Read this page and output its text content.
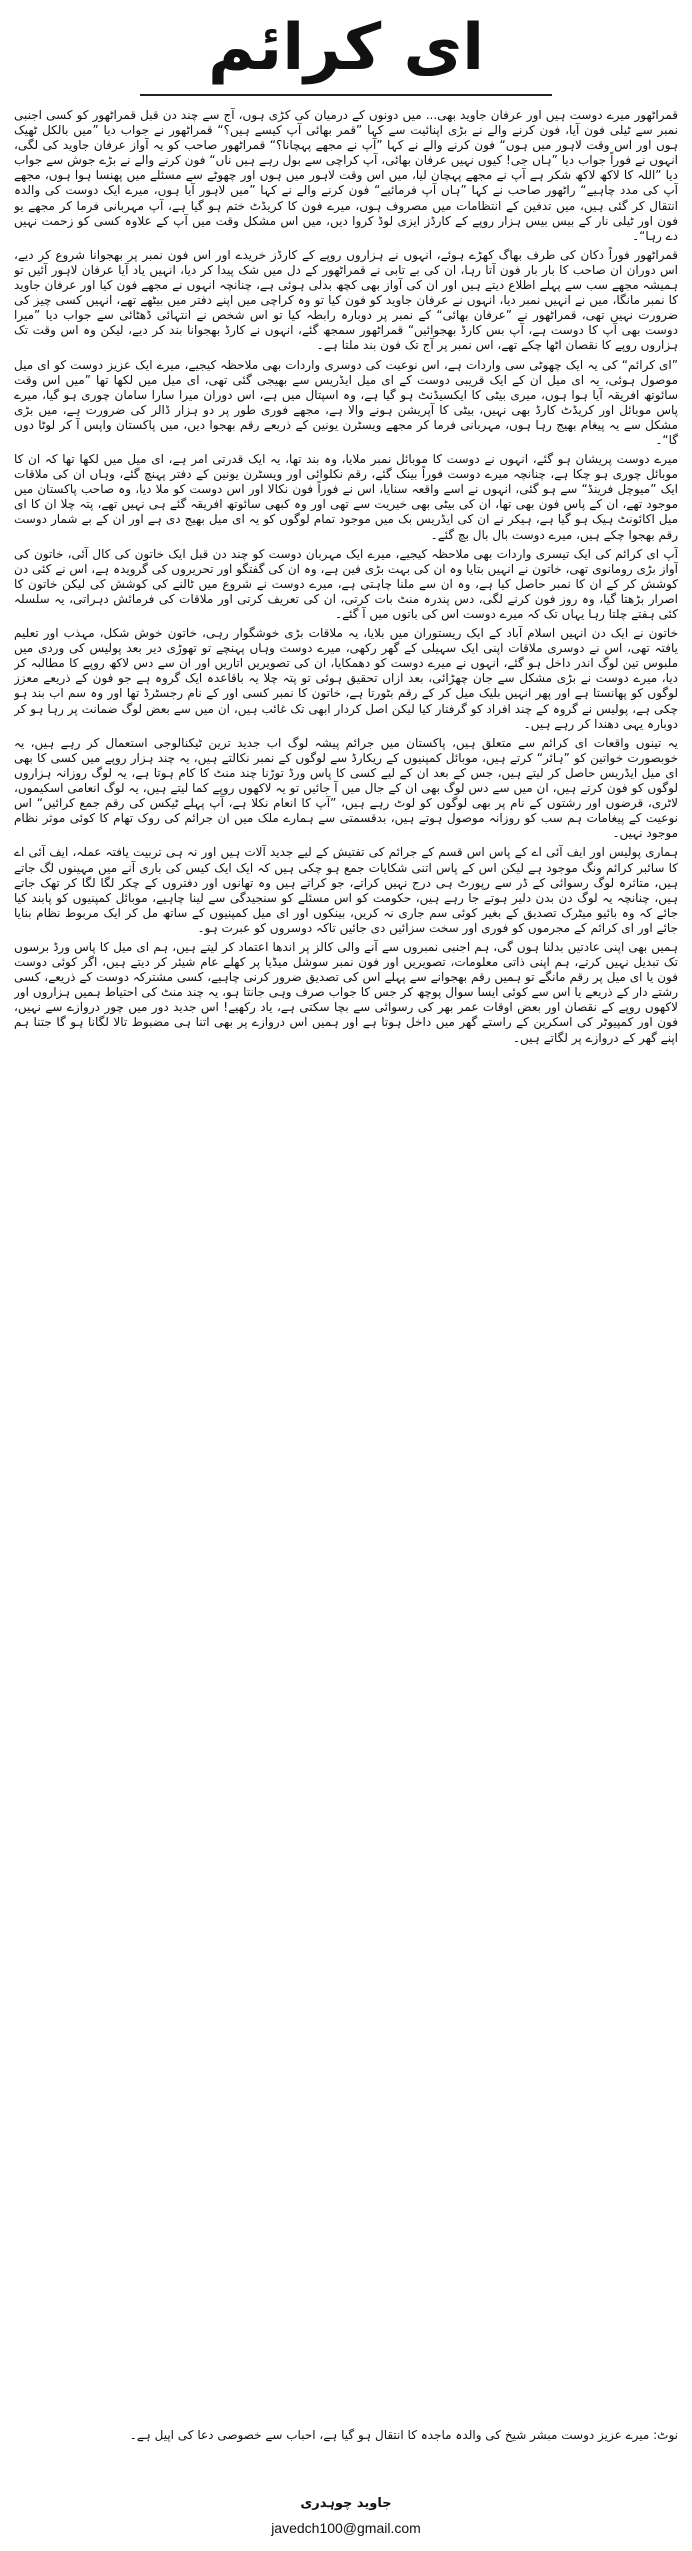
ای کرائم

قمراٹھور میرے دوست ہیں اور عرفان جاوید بھی... میں دونوں کے درمیان کی کڑی ہوں، آج سے چند دن قبل قمراٹھور کو کسی اجنبی نمبر سے ٹیلی فون آیا، فون کرنے والے نے بڑی اپنائیت سے کہا ”قمر بھائی آپ کیسے ہیں؟“ قمراٹھور نے جواب دیا ”میں بالکل ٹھیک ہوں اور اس وقت لاہور میں ہوں“ فون کرنے والے نے کہا ”آپ نے مجھے پہچانا؟“ قمراٹھور صاحب کو یہ آواز عرفان جاوید کی لگی، انہوں نے فوراً جواب دیا ”ہاں جی! کیوں نہیں عرفان بھائی، آپ کراچی سے بول رہے ہیں ناں“ فون کرنے والے نے بڑے جوش سے جواب دیا ”اللہ کا لاکھ لاکھ شکر ہے آپ نے مجھے پہچان لیا، میں اس وقت لاہور میں ہوں اور چھوٹے سے مسئلے میں پھنسا ہوا ہوں، مجھے آپ کی مدد چاہیے“ راٹھور صاحب نے کہا ”ہاں آپ فرمائیے“ فون کرنے والے نے کہا ”میں لاہور آیا ہوں، میرے ایک دوست کی والدہ انتقال کر گئی ہیں، میں تدفین کے انتظامات میں مصروف ہوں، میرے فون کا کریڈٹ ختم ہو گیا ہے، آپ مہربانی فرما کر مجھے یو فون اور ٹیلی نار کے بیس بیس ہزار روپے کے کارڈز ایزی لوڈ کروا دیں، میں اس مشکل وقت میں آپ کے علاوہ کسی کو زحمت نہیں دے رہا“۔

قمراٹھور فوراً دکان کی طرف بھاگ کھڑے ہوئے، انہوں نے ہزاروں روپے کے کارڈز خریدے اور اس فون نمبر پر بھجوانا شروع کر دیے، اس دوران ان صاحب کا بار بار فون آتا رہا، ان کی بے تابی نے قمراٹھور کے دل میں شک پیدا کر دیا، انہیں یاد آیا عرفان لاہور آئیں تو ہمیشہ مجھے سب سے پہلے اطلاع دیتے ہیں اور ان کی آواز بھی کچھ بدلی ہوئی ہے، چنانچہ انہوں نے مجھے فون کیا اور عرفان جاوید کا نمبر مانگا، میں نے انہیں نمبر دیا، انہوں نے عرفان جاوید کو فون کیا تو وہ کراچی میں اپنے دفتر میں بیٹھے تھے، انہیں کسی چیز کی ضرورت نہیں تھی، قمراٹھور نے ”عرفان بھائی“ کے نمبر پر دوبارہ رابطہ کیا تو اس شخص نے انتہائی ڈھٹائی سے جواب دیا ”میرا دوست بھی آپ کا دوست ہے، آپ بس کارڈ بھجوائیں“ قمراٹھور سمجھ گئے، انہوں نے کارڈ بھجوانا بند کر دیے، لیکن وہ اس وقت تک ہزاروں روپے کا نقصان اٹھا چکے تھے، اس نمبر پر آج تک فون بند ملتا ہے۔

”ای کرائم“ کی یہ ایک چھوٹی سی واردات ہے، اس نوعیت کی دوسری واردات بھی ملاحظہ کیجیے، میرے ایک عزیز دوست کو ای میل موصول ہوئی، یہ ای میل ان کے ایک قریبی دوست کے ای میل ایڈریس سے بھیجی گئی تھی، ای میل میں لکھا تھا ”میں اس وقت سائوتھ افریقہ آیا ہوا ہوں، میری بیٹی کا ایکسیڈنٹ ہو گیا ہے، وہ اسپتال میں ہے، اس دوران میرا سارا سامان چوری ہو گیا، میرے پاس موبائل اور کریڈٹ کارڈ بھی نہیں، بیٹی کا آپریشن ہونے والا ہے، مجھے فوری طور پر دو ہزار ڈالر کی ضرورت ہے، میں بڑی مشکل سے یہ پیغام بھیج رہا ہوں، مہربانی فرما کر مجھے ویسٹرن یونین کے ذریعے رقم بھجوا دیں، میں پاکستان واپس آ کر لوٹا دوں گا“۔

میرے دوست پریشان ہو گئے، انہوں نے دوست کا موبائل نمبر ملایا، وہ بند تھا، یہ ایک قدرتی امر ہے، ای میل میں لکھا تھا کہ ان کا موبائل چوری ہو چکا ہے، چنانچہ میرے دوست فوراً بینک گئے، رقم نکلوائی اور ویسٹرن یونین کے دفتر پہنچ گئے، وہاں ان کی ملاقات ایک ”میوچل فرینڈ“ سے ہو گئی، انہوں نے اسے واقعہ سنایا، اس نے فوراً فون نکالا اور اس دوست کو ملا دیا، وہ صاحب پاکستان میں موجود تھے، ان کے پاس فون بھی تھا، ان کی بیٹی بھی خیریت سے تھی اور وہ کبھی سائوتھ افریقہ گئے ہی نہیں تھے، پتہ چلا ان کا ای میل اکائونٹ ہیک ہو گیا ہے، ہیکر نے ان کی ایڈریس بک میں موجود تمام لوگوں کو یہ ای میل بھیج دی ہے اور ان کے بے شمار دوست رقم بھجوا چکے ہیں، میرے دوست بال بال بچ گئے۔

آپ ای کرائم کی ایک تیسری واردات بھی ملاحظہ کیجیے، میرے ایک مہربان دوست کو چند دن قبل ایک خاتون کی کال آئی، خاتون کی آواز بڑی رومانوی تھی، خاتون نے انہیں بتایا وہ ان کی بہت بڑی فین ہے، وہ ان کی گفتگو اور تحریروں کی گرویدہ ہے، اس نے کئی دن کوشش کر کے ان کا نمبر حاصل کیا ہے، وہ ان سے ملنا چاہتی ہے، میرے دوست نے شروع میں ٹالنے کی کوشش کی لیکن خاتون کا اصرار بڑھتا گیا، وہ روز فون کرنے لگی، دس پندرہ منٹ بات کرتی، ان کی تعریف کرتی اور ملاقات کی فرمائش دہراتی، یہ سلسلہ کئی ہفتے چلتا رہا یہاں تک کہ میرے دوست اس کی باتوں میں آ گئے۔

خاتون نے ایک دن انہیں اسلام آباد کے ایک ریستوران میں بلایا، یہ ملاقات بڑی خوشگوار رہی، خاتون خوش شکل، مہذب اور تعلیم یافتہ تھی، اس نے دوسری ملاقات اپنی ایک سہیلی کے گھر رکھی، میرے دوست وہاں پہنچے تو تھوڑی دیر بعد پولیس کی وردی میں ملبوس تین لوگ اندر داخل ہو گئے، انہوں نے میرے دوست کو دھمکایا، ان کی تصویریں اتاریں اور ان سے دس لاکھ روپے کا مطالبہ کر دیا، میرے دوست نے بڑی مشکل سے جان چھڑائی، بعد ازاں تحقیق ہوئی تو پتہ چلا یہ باقاعدہ ایک گروہ ہے جو فون کے ذریعے معزز لوگوں کو پھانستا ہے اور پھر انہیں بلیک میل کر کے رقم بٹورتا ہے، خاتون کا نمبر کسی اور کے نام رجسٹرڈ تھا اور وہ سم اب بند ہو چکی ہے، پولیس نے گروہ کے چند افراد کو گرفتار کیا لیکن اصل کردار ابھی تک غائب ہیں، ان میں سے بعض لوگ ضمانت پر رہا ہو کر دوبارہ یہی دھندا کر رہے ہیں۔

یہ تینوں واقعات ای کرائم سے متعلق ہیں، پاکستان میں جرائم پیشہ لوگ اب جدید ترین ٹیکنالوجی استعمال کر رہے ہیں، یہ خوبصورت خواتین کو ”ہائر“ کرتے ہیں، موبائل کمپنیوں کے ریکارڈ سے لوگوں کے نمبر نکالتے ہیں، یہ چند ہزار روپے میں کسی کا بھی ای میل ایڈریس حاصل کر لیتے ہیں، جس کے بعد ان کے لیے کسی کا پاس ورڈ توڑنا چند منٹ کا کام ہوتا ہے، یہ لوگ روزانہ ہزاروں لوگوں کو فون کرتے ہیں، ان میں سے دس لوگ بھی ان کے جال میں آ جائیں تو یہ لاکھوں روپے کما لیتے ہیں، یہ لوگ انعامی اسکیموں، لاٹری، قرضوں اور رشتوں کے نام پر بھی لوگوں کو لوٹ رہے ہیں، ”آپ کا انعام نکلا ہے، آپ پہلے ٹیکس کی رقم جمع کرائیں“ اس نوعیت کے پیغامات ہم سب کو روزانہ موصول ہوتے ہیں، بدقسمتی سے ہمارے ملک میں ان جرائم کی روک تھام کا کوئی موثر نظام موجود نہیں۔

ہماری پولیس اور ایف آئی اے کے پاس اس قسم کے جرائم کی تفتیش کے لیے جدید آلات ہیں اور نہ ہی تربیت یافتہ عملہ، ایف آئی اے کا سائبر کرائم ونگ موجود ہے لیکن اس کے پاس اتنی شکایات جمع ہو چکی ہیں کہ ایک ایک کیس کی باری آنے میں مہینوں لگ جاتے ہیں، متاثرہ لوگ رسوائی کے ڈر سے رپورٹ ہی درج نہیں کراتے، جو کراتے ہیں وہ تھانوں اور دفتروں کے چکر لگا لگا کر تھک جاتے ہیں، چنانچہ یہ لوگ دن بدن دلیر ہوتے جا رہے ہیں، حکومت کو اس مسئلے کو سنجیدگی سے لینا چاہیے، موبائل کمپنیوں کو پابند کیا جائے کہ وہ بائیو میٹرک تصدیق کے بغیر کوئی سم جاری نہ کریں، بینکوں اور ای میل کمپنیوں کے ساتھ مل کر ایک مربوط نظام بنایا جائے اور ای کرائم کے مجرموں کو فوری اور سخت سزائیں دی جائیں تاکہ دوسروں کو عبرت ہو۔

ہمیں بھی اپنی عادتیں بدلنا ہوں گی، ہم اجنبی نمبروں سے آنے والی کالز پر اندھا اعتماد کر لیتے ہیں، ہم ای میل کا پاس ورڈ برسوں تک تبدیل نہیں کرتے، ہم اپنی ذاتی معلومات، تصویریں اور فون نمبر سوشل میڈیا پر کھلے عام شیئر کر دیتے ہیں، اگر کوئی دوست فون یا ای میل پر رقم مانگے تو ہمیں رقم بھجوانے سے پہلے اس کی تصدیق ضرور کرنی چاہیے، کسی مشترکہ دوست کے ذریعے، کسی رشتے دار کے ذریعے یا اس سے کوئی ایسا سوال پوچھ کر جس کا جواب صرف وہی جانتا ہو، یہ چند منٹ کی احتیاط ہمیں ہزاروں اور لاکھوں روپے کے نقصان اور بعض اوقات عمر بھر کی رسوائی سے بچا سکتی ہے، یاد رکھیے! اس جدید دور میں چور دروازے سے نہیں، فون اور کمپیوٹر کی اسکرین کے راستے گھر میں داخل ہوتا ہے اور ہمیں اس دروازے پر بھی اتنا ہی مضبوط تالا لگانا ہو گا جتنا ہم اپنے گھر کے دروازے پر لگاتے ہیں۔

نوٹ: میرے عزیز دوست مبشر شیخ کی والدہ ماجدہ کا انتقال ہو گیا ہے، احباب سے خصوصی دعا کی اپیل ہے۔
جاوید چوہدری
javedch100@gmail.com
